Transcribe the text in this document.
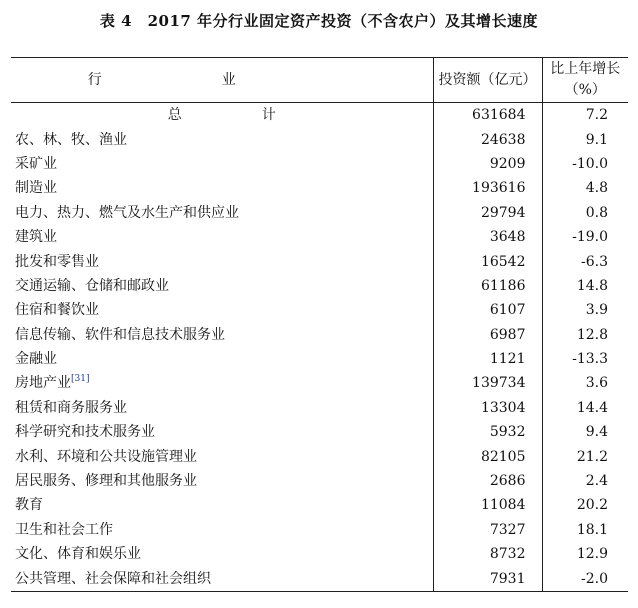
表 4　2017 年分行业固定资产投资（不含农户）及其增长速度
行业	投资额（亿元）	比上年增长（%）
总计	631684	7.2
农、林、牧、渔业	24638	9.1
采矿业	9209	-10.0
制造业	193616	4.8
电力、热力、燃气及水生产和供应业	29794	0.8
建筑业	3648	-19.0
批发和零售业	16542	-6.3
交通运输、仓储和邮政业	61186	14.8
住宿和餐饮业	6107	3.9
信息传输、软件和信息技术服务业	6987	12.8
金融业	1121	-13.3
房地产业[31]	139734	3.6
租赁和商务服务业	13304	14.4
科学研究和技术服务业	5932	9.4
水利、环境和公共设施管理业	82105	21.2
居民服务、修理和其他服务业	2686	2.4
教育	11084	20.2
卫生和社会工作	7327	18.1
文化、体育和娱乐业	8732	12.9
公共管理、社会保障和社会组织	7931	-2.0
